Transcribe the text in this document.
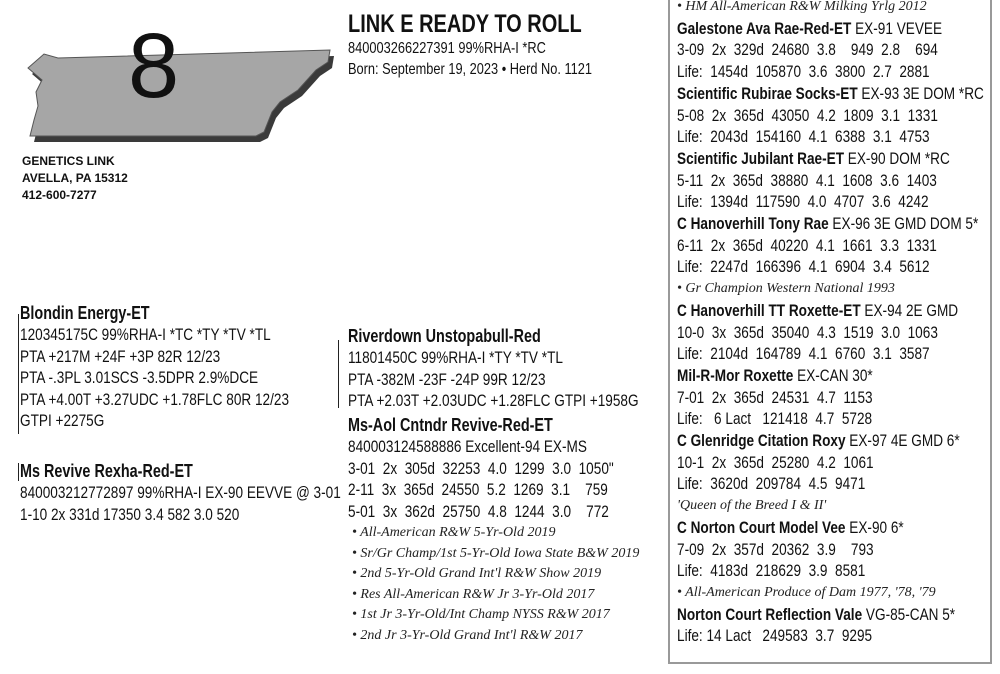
8
GENETICS LINK
AVELLA, PA 15312
412-600-7277
LINK E READY TO ROLL
840003266227391 99%RHA-I *RC
Born: September 19, 2023 • Herd No. 1121
Blondin Energy-ET
120345175C 99%RHA-I *TC *TY *TV *TL
PTA +217M +24F +3P 82R 12/23
PTA -.3PL 3.01SCS -3.5DPR 2.9%DCE
PTA +4.00T +3.27UDC +1.78FLC 80R 12/23
GTPI +2275G
Ms Revive Rexha-Red-ET
840003212772897 99%RHA-I EX-90 EEVVE @ 3-01
1-10 2x 331d 17350 3.4 582 3.0 520
Riverdown Unstopabull-Red
11801450C 99%RHA-I *TY *TV *TL
PTA -382M -23F -24P 99R 12/23
PTA +2.03T +2.03UDC +1.28FLC GTPI +1958G
Ms-Aol Cntndr Revive-Red-ET
840003124588886 Excellent-94 EX-MS
3-01  2x  305d  32253  4.0  1299  3.0  1050"
2-11  3x  365d  24550  5.2  1269  3.1    759
5-01  3x  362d  25750  4.8  1244  3.0    772
• All-American R&W 5-Yr-Old 2019
• Sr/Gr Champ/1st 5-Yr-Old Iowa State B&W 2019
• 2nd 5-Yr-Old Grand Int'l R&W Show 2019
• Res All-American R&W Jr 3-Yr-Old 2017
• 1st Jr 3-Yr-Old/Int Champ NYSS R&W 2017
• 2nd Jr 3-Yr-Old Grand Int'l R&W 2017
• HM All-American R&W Milking Yrlg 2012
Galestone Ava Rae-Red-ET EX-91 VEVEE
3-09  2x  329d  24680  3.8    949  2.8    694
Life:  1454d  105870  3.6  3800  2.7  2881
Scientific Rubirae Socks-ET EX-93 3E DOM *RC
5-08  2x  365d  43050  4.2  1809  3.1  1331
Life:  2043d  154160  4.1  6388  3.1  4753
Scientific Jubilant Rae-ET EX-90 DOM *RC
5-11  2x  365d  38880  4.1  1608  3.6  1403
Life:  1394d  117590  4.0  4707  3.6  4242
C Hanoverhill Tony Rae EX-96 3E GMD DOM 5*
6-11  2x  365d  40220  4.1  1661  3.3  1331
Life:  2247d  166396  4.1  6904  3.4  5612
• Gr Champion Western National 1993
C Hanoverhill TT Roxette-ET EX-94 2E GMD
10-0  3x  365d  35040  4.3  1519  3.0  1063
Life:  2104d  164789  4.1  6760  3.1  3587
Mil-R-Mor Roxette EX-CAN 30*
7-01  2x  365d  24531  4.7  1153
Life:   6 Lact   121418  4.7  5728
C Glenridge Citation Roxy EX-97 4E GMD 6*
10-1  2x  365d  25280  4.2  1061
Life:  3620d  209784  4.5  9471
'Queen of the Breed I & II'
C Norton Court Model Vee EX-90 6*
7-09  2x  357d  20362  3.9    793
Life:  4183d  218629  3.9  8581
• All-American Produce of Dam 1977, '78, '79
Norton Court Reflection Vale VG-85-CAN 5*
Life: 14 Lact   249583  3.7  9295
